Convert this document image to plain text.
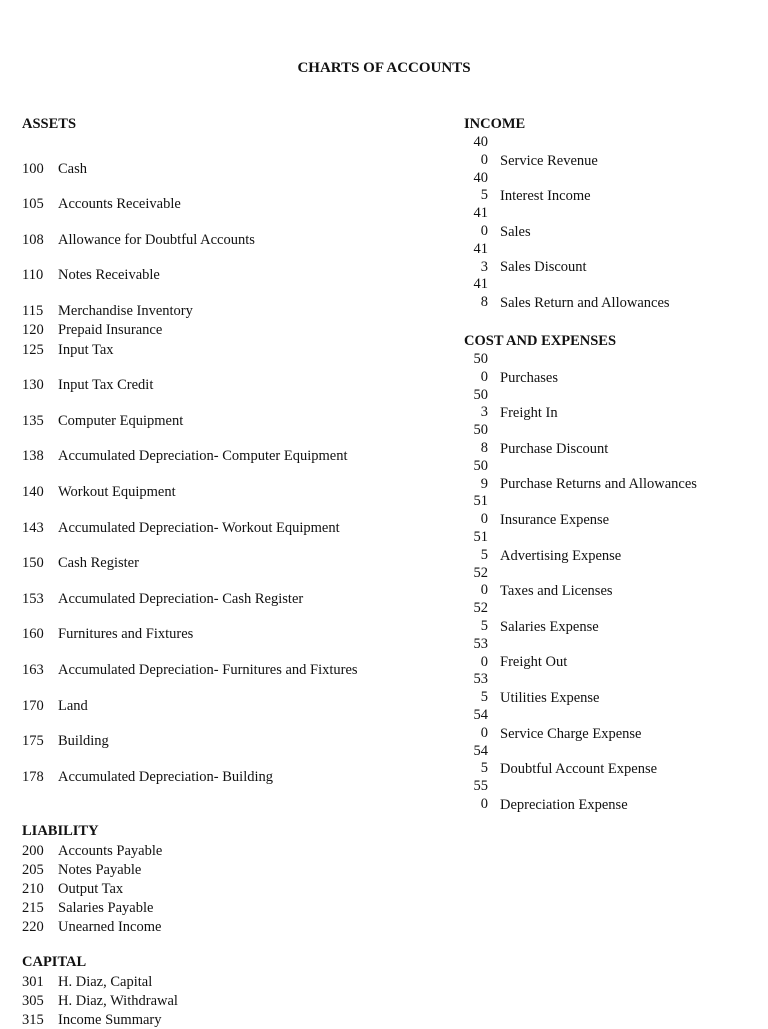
CHARTS OF ACCOUNTS
ASSETS
100 Cash
105 Accounts Receivable
108 Allowance for Doubtful Accounts
110	Notes Receivable
115	Merchandise Inventory
120 Prepaid Insurance
125 Input Tax
130 Input Tax Credit
135 Computer Equipment
138 Accumulated Depreciation- Computer Equipment
140 Workout Equipment
143 Accumulated Depreciation- Workout Equipment
150 Cash Register
153 Accumulated Depreciation- Cash Register
160 Furnitures and Fixtures
163 Accumulated Depreciation- Furnitures and Fixtures
170 Land
175 Building
178 Accumulated Depreciation- Building
LIABILITY
200 Accounts Payable
205 Notes Payable
210 Output Tax
215 Salaries Payable
220 Unearned Income
CAPITAL
301 H. Diaz, Capital
305 H. Diaz, Withdrawal
315 Income Summary
INCOME
40
0 Service Revenue
40
5 Interest Income
41
0 Sales
41
3 Sales Discount
41
8 Sales Return and Allowances
COST AND EXPENSES
50
0 Purchases
50
3 Freight In
50
8 Purchase Discount
50
9 Purchase Returns and Allowances
51
0 Insurance Expense
51
5 Advertising Expense
52
0 Taxes and Licenses
52
5 Salaries Expense
53
0 Freight Out
53
5 Utilities Expense
54
0 Service Charge Expense
54
5 Doubtful Account Expense
55
0 Depreciation Expense
